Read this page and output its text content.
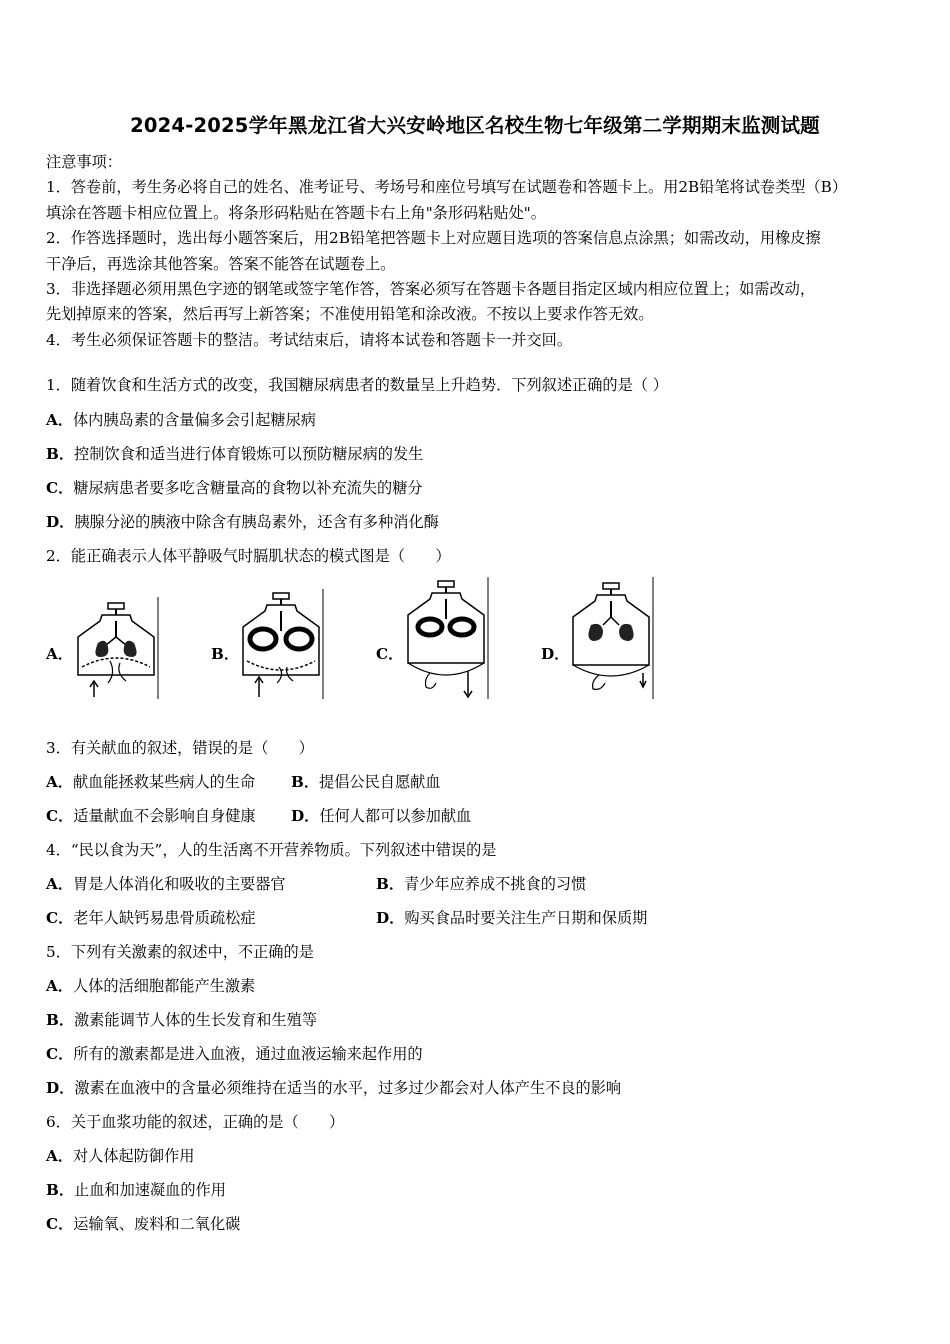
2024-2025学年黑龙江省大兴安岭地区名校生物七年级第二学期期末监测试题
注意事项：
1．答卷前，考生务必将自己的姓名、准考证号、考场号和座位号填写在试题卷和答题卡上。用2B铅笔将试卷类型（B）
填涂在答题卡相应位置上。将条形码粘贴在答题卡右上角"条形码粘贴处"。
2．作答选择题时，选出每小题答案后，用2B铅笔把答题卡上对应题目选项的答案信息点涂黑；如需改动，用橡皮擦
干净后，再选涂其他答案。答案不能答在试题卷上。
3．非选择题必须用黑色字迹的钢笔或签字笔作答，答案必须写在答题卡各题目指定区域内相应位置上；如需改动，
先划掉原来的答案，然后再写上新答案；不准使用铅笔和涂改液。不按以上要求作答无效。
4．考生必须保证答题卡的整洁。考试结束后，请将本试卷和答题卡一并交回。
1．随着饮食和生活方式的改变，我国糖尿病患者的数量呈上升趋势．下列叙述正确的是（ ）
A．体内胰岛素的含量偏多会引起糖尿病
B．控制饮食和适当进行体育锻炼可以预防糖尿病的发生
C．糖尿病患者要多吃含糖量高的食物以补充流失的糖分
D．胰腺分泌的胰液中除含有胰岛素外，还含有多种消化酶
2．能正确表示人体平静吸气时膈肌状态的模式图是（　　）
A．	B．	C．	D．
3．有关献血的叙述，错误的是（　　）
A．献血能拯救某些病人的生命 B．提倡公民自愿献血
C．适量献血不会影响自身健康 D．任何人都可以参加献血
4．“民以食为天”，人的生活离不开营养物质。下列叙述中错误的是
A．胃是人体消化和吸收的主要器官	B．青少年应养成不挑食的习惯
C．老年人缺钙易患骨质疏松症	D．购买食品时要关注生产日期和保质期
5．下列有关激素的叙述中，不正确的是
A．人体的活细胞都能产生激素
B．激素能调节人体的生长发育和生殖等
C．所有的激素都是进入血液，通过血液运输来起作用的
D．激素在血液中的含量必须维持在适当的水平，过多过少都会对人体产生不良的影响
6．关于血浆功能的叙述，正确的是（　　）
A．对人体起防御作用
B．止血和加速凝血的作用
C．运输氧、废料和二氧化碳
